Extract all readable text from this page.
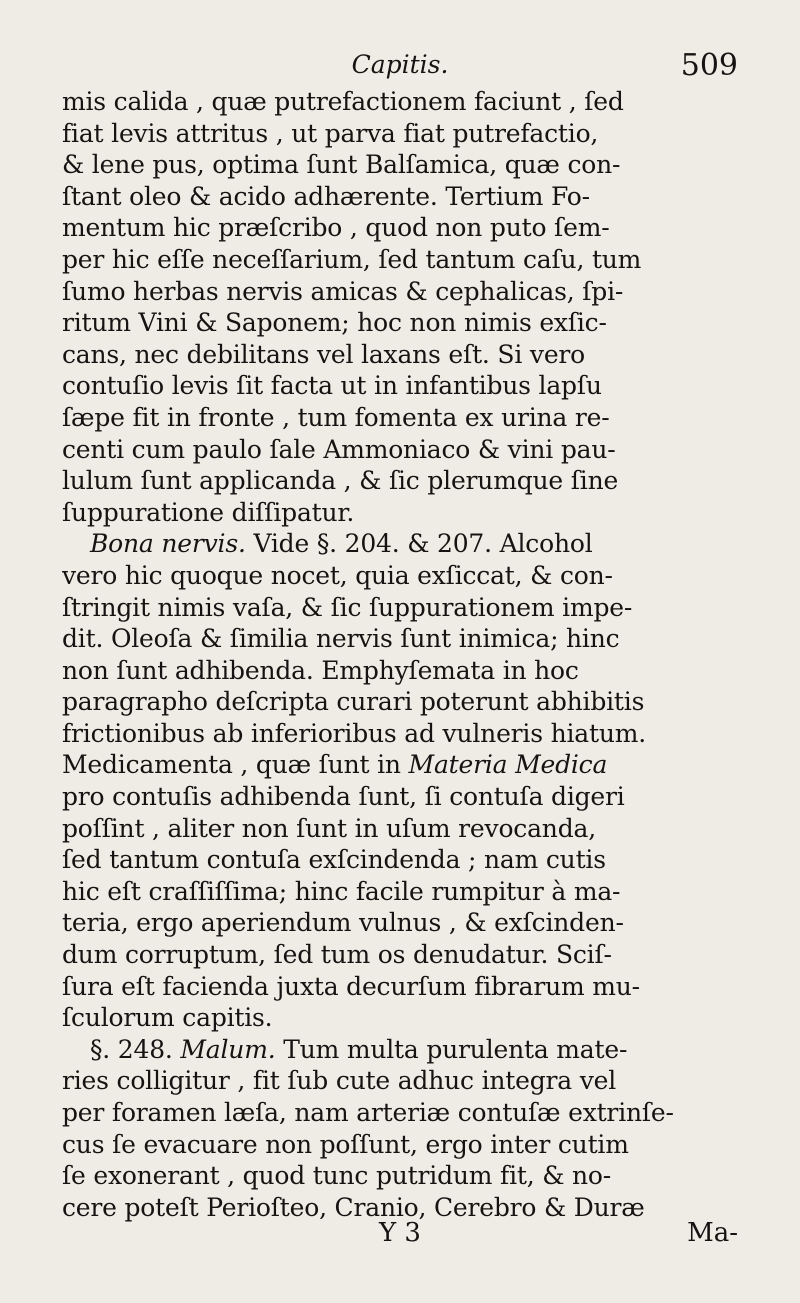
Capitis.	509
mis calida , quæ putrefactionem faciunt , ſed
fiat levis attritus , ut parva fiat putrefactio,
& lene pus, optima ſunt Balſamica, quæ con-
ſtant oleo & acido adhærente. Tertium Fo-
mentum hic præſcribo , quod non puto ſem-
per hic eſſe neceſſarium, ſed tantum caſu, tum
ſumo herbas nervis amicas & cephalicas, ſpi-
ritum Vini & Saponem; hoc non nimis exſic-
cans, nec debilitans vel laxans eſt. Si vero
contuſio levis ſit facta ut in infantibus lapſu
ſæpe fit in fronte , tum fomenta ex urina re-
centi cum paulo ſale Ammoniaco & vini pau-
lulum ſunt applicanda , & ſic plerumque ſine
ſuppuratione diſſipatur.
Bona nervis. Vide §. 204. & 207. Alcohol
vero hic quoque nocet, quia exſiccat, & con-
ſtringit nimis vaſa, & ſic ſuppurationem impe-
dit. Oleoſa & ſimilia nervis ſunt inimica; hinc
non ſunt adhibenda. Emphyſemata in hoc
paragrapho deſcripta curari poterunt abhibitis
frictionibus ab inferioribus ad vulneris hiatum.
Medicamenta , quæ ſunt in Materia Medica
pro contuſis adhibenda ſunt, ſi contuſa digeri
poſſint , aliter non ſunt in uſum revocanda,
ſed tantum contuſa exſcindenda ; nam cutis
hic eſt craſſiſſima; hinc facile rumpitur à ma-
teria, ergo aperiendum vulnus , & exſcinden-
dum corruptum, ſed tum os denudatur. Sciſ-
ſura eſt facienda juxta decurſum fibrarum mu-
ſculorum capitis.
§. 248. Malum. Tum multa purulenta mate-
ries colligitur , fit ſub cute adhuc integra vel
per foramen læſa, nam arteriæ contuſæ extrinſe-
cus ſe evacuare non poſſunt, ergo inter cutim
ſe exonerant , quod tunc putridum fit, & no-
cere poteſt Perioſteo, Cranio, Cerebro & Duræ
Y 3	Ma-
